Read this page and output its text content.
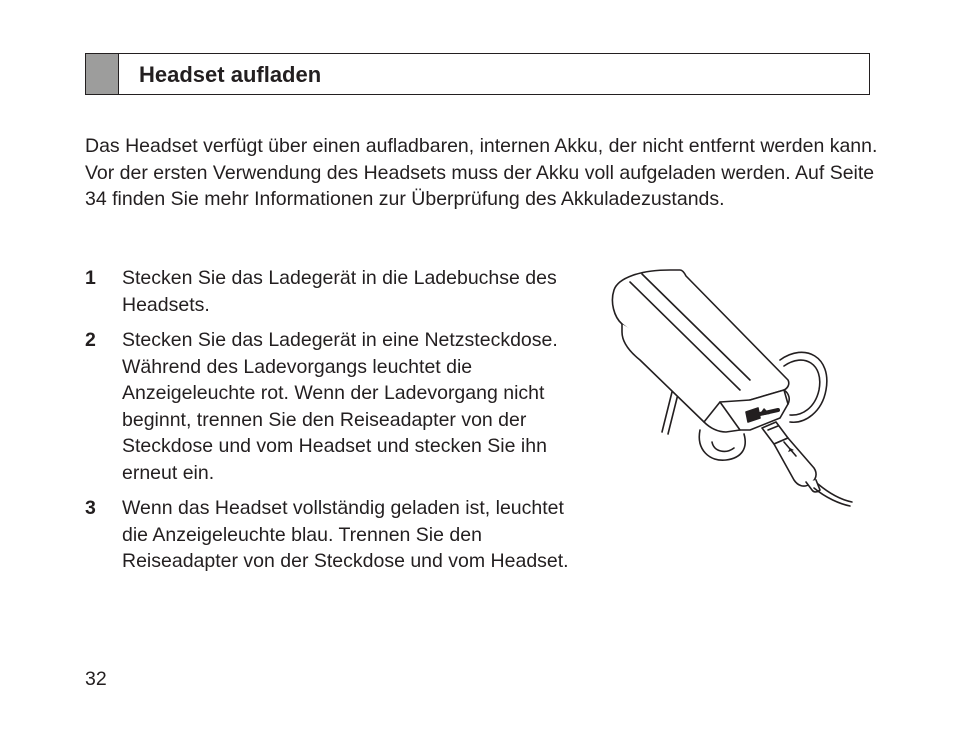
Headset aufladen

Das Headset verfügt über einen aufladbaren, internen Akku, der nicht entfernt werden kann. Vor der ersten Verwendung des Headsets muss der Akku voll aufgeladen werden. Auf Seite 34 finden Sie mehr Informationen zur Überprüfung des Akkuladezustands.

1	Stecken Sie das Ladegerät in die Ladebuchse des Headsets.
2	Stecken Sie das Ladegerät in eine Netzsteckdose. Während des Ladevorgangs leuchtet die Anzeigeleuchte rot. Wenn der Ladevorgang nicht beginnt, trennen Sie den Reiseadapter von der Steckdose und vom Headset und stecken Sie ihn erneut ein.
3	Wenn das Headset vollständig geladen ist, leuchtet die Anzeigeleuchte blau. Trennen Sie den Reiseadapter von der Steckdose und vom Headset.

32
